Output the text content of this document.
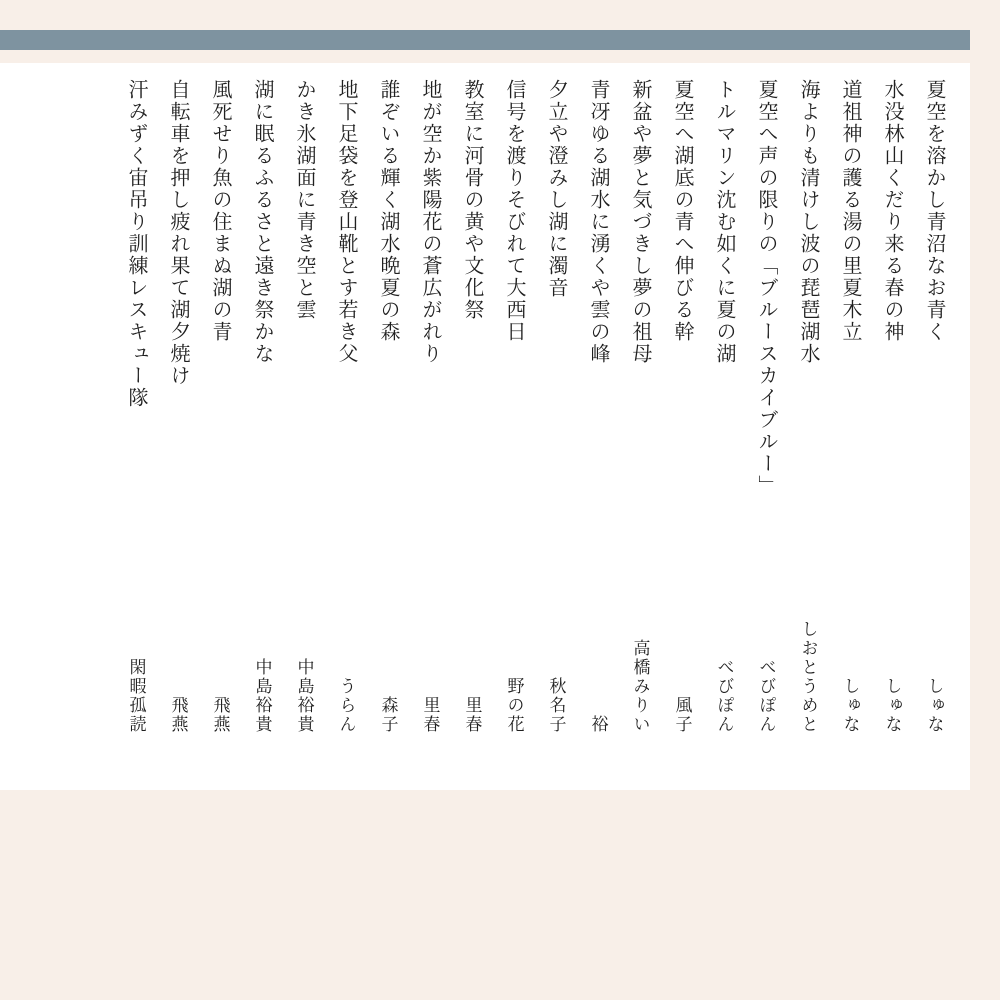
夏空を溶かし青沼なお青く
しゅな
水没林山くだり来る春の神
しゅな
道祖神の護る湯の里夏木立
しゅな
海よりも清けし波の琵琶湖水
しおとうめと
夏空へ声の限りの「ブルースカイブルー」
べびぽん
トルマリン沈む如くに夏の湖
べびぽん
夏空へ湖底の青へ伸びる幹
風子
新盆や夢と気づきし夢の祖母
高橋みりい
青冴ゆる湖水に湧くや雲の峰
裕
夕立や澄みし湖に濁音
秋名子
信号を渡りそびれて大西日
野の花
教室に河骨の黄や文化祭
里春
地が空か紫陽花の蒼広がれり
里春
誰ぞいる輝く湖水晩夏の森
森子
地下足袋を登山靴とす若き父
うらん
かき氷湖面に青き空と雲
中島裕貴
湖に眠るふるさと遠き祭かな
中島裕貴
風死せり魚の住まぬ湖の青
飛燕
自転車を押し疲れ果て湖夕焼け
飛燕
汗みずく宙吊り訓練レスキュー隊
閑暇孤読
